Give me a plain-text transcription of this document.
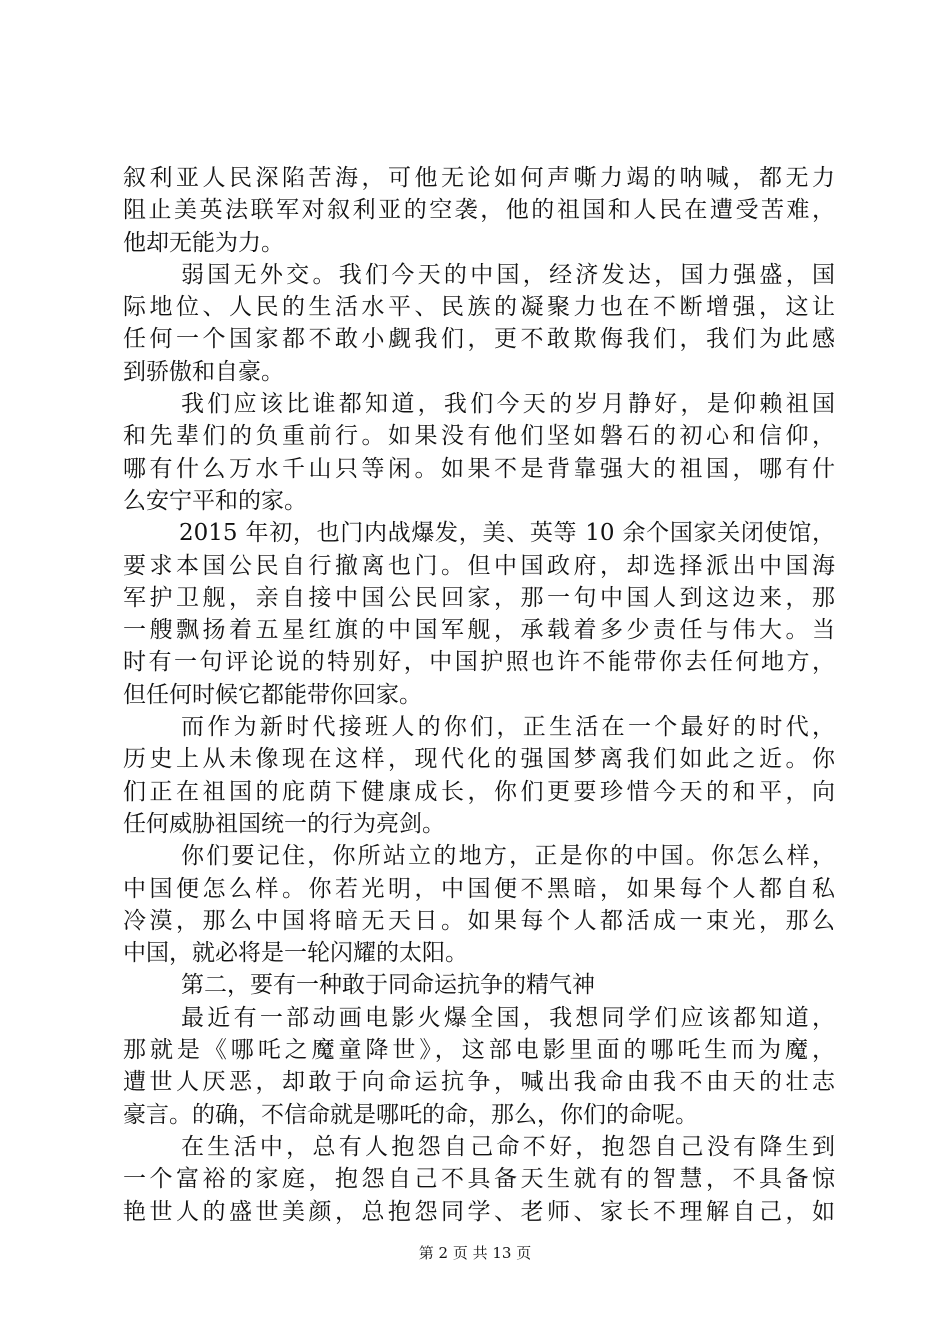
叙利亚人民深陷苦海，可他无论如何声嘶力竭的呐喊，都无力
阻止美英法联军对叙利亚的空袭，他的祖国和人民在遭受苦难，
他却无能为力。
弱国无外交。我们今天的中国，经济发达，国力强盛，国
际地位、人民的生活水平、民族的凝聚力也在不断增强，这让
任何一个国家都不敢小觑我们，更不敢欺侮我们，我们为此感
到骄傲和自豪。
我们应该比谁都知道，我们今天的岁月静好，是仰赖祖国
和先辈们的负重前行。如果没有他们坚如磐石的初心和信仰，
哪有什么万水千山只等闲。如果不是背靠强大的祖国，哪有什
么安宁平和的家。
2015 年初，也门内战爆发，美、英等 10 余个国家关闭使馆，
要求本国公民自行撤离也门。但中国政府，却选择派出中国海
军护卫舰，亲自接中国公民回家，那一句中国人到这边来，那
一艘飘扬着五星红旗的中国军舰，承载着多少责任与伟大。当
时有一句评论说的特别好，中国护照也许不能带你去任何地方，
但任何时候它都能带你回家。
而作为新时代接班人的你们，正生活在一个最好的时代，
历史上从未像现在这样，现代化的强国梦离我们如此之近。你
们正在祖国的庇荫下健康成长，你们更要珍惜今天的和平，向
任何威胁祖国统一的行为亮剑。
你们要记住，你所站立的地方，正是你的中国。你怎么样，
中国便怎么样。你若光明，中国便不黑暗，如果每个人都自私
冷漠，那么中国将暗无天日。如果每个人都活成一束光，那么
中国，就必将是一轮闪耀的太阳。
第二，要有一种敢于同命运抗争的精气神
最近有一部动画电影火爆全国，我想同学们应该都知道，
那就是《哪吒之魔童降世》，这部电影里面的哪吒生而为魔，
遭世人厌恶，却敢于向命运抗争，喊出我命由我不由天的壮志
豪言。的确，不信命就是哪吒的命，那么，你们的命呢。
在生活中，总有人抱怨自己命不好，抱怨自己没有降生到
一个富裕的家庭，抱怨自己不具备天生就有的智慧，不具备惊
艳世人的盛世美颜，总抱怨同学、老师、家长不理解自己，如
第 2 页 共 13 页
